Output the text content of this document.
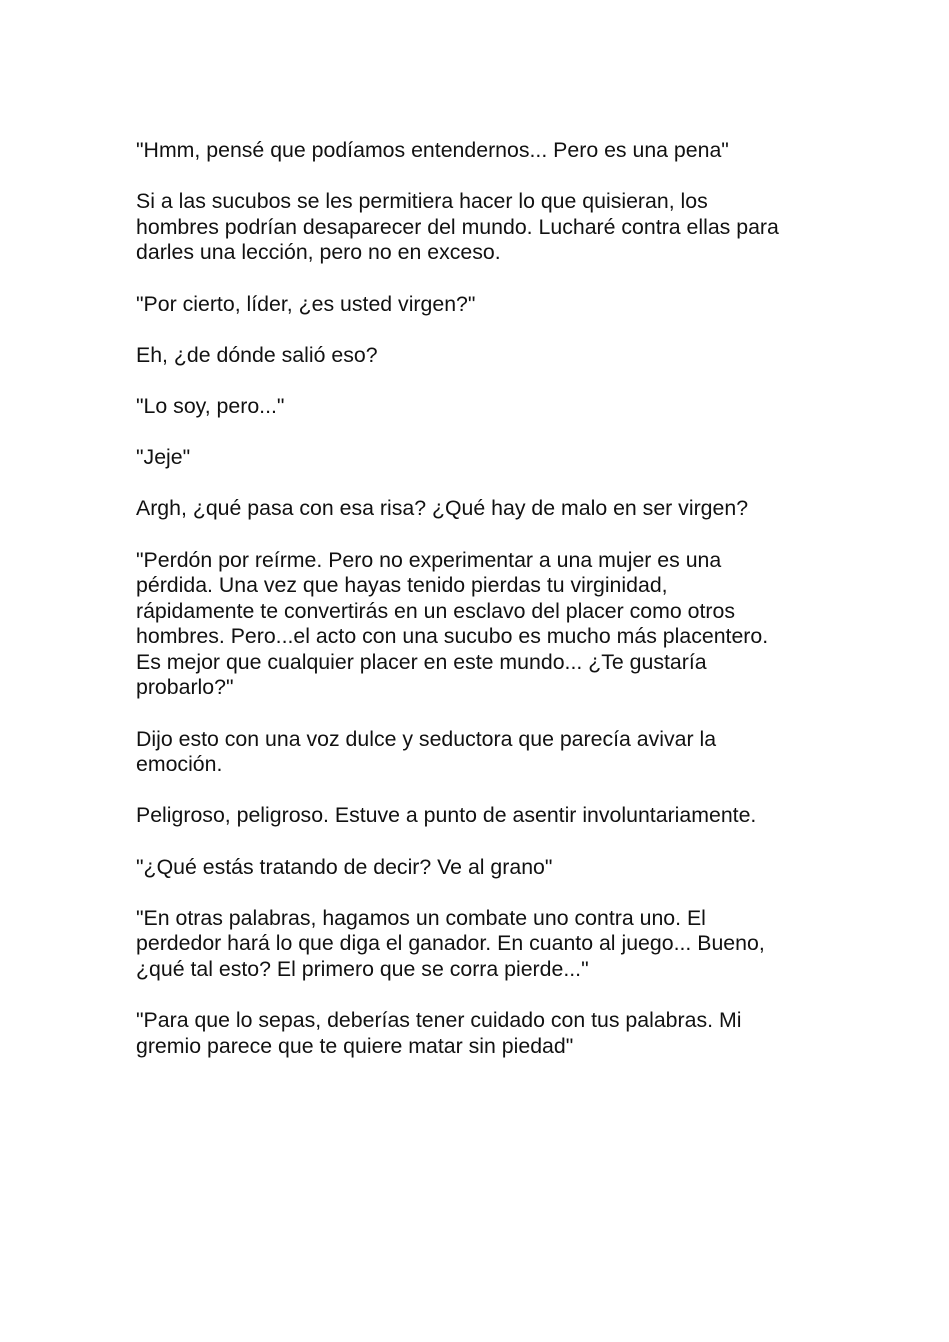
"Hmm, pensé que podíamos entendernos... Pero es una pena"

Si a las sucubos se les permitiera hacer lo que quisieran, los
hombres podrían desaparecer del mundo. Lucharé contra ellas para
darles una lección, pero no en exceso.

"Por cierto, líder, ¿es usted virgen?"

Eh, ¿de dónde salió eso?

"Lo soy, pero..."

"Jeje"

Argh, ¿qué pasa con esa risa? ¿Qué hay de malo en ser virgen?

"Perdón por reírme. Pero no experimentar a una mujer es una
pérdida. Una vez que hayas tenido pierdas tu virginidad,
rápidamente te convertirás en un esclavo del placer como otros
hombres. Pero...el acto con una sucubo es mucho más placentero.
Es mejor que cualquier placer en este mundo... ¿Te gustaría
probarlo?"

Dijo esto con una voz dulce y seductora que parecía avivar la
emoción.

Peligroso, peligroso. Estuve a punto de asentir involuntariamente.

"¿Qué estás tratando de decir? Ve al grano"

"En otras palabras, hagamos un combate uno contra uno. El
perdedor hará lo que diga el ganador. En cuanto al juego... Bueno,
¿qué tal esto? El primero que se corra pierde..."

"Para que lo sepas, deberías tener cuidado con tus palabras. Mi
gremio parece que te quiere matar sin piedad"
